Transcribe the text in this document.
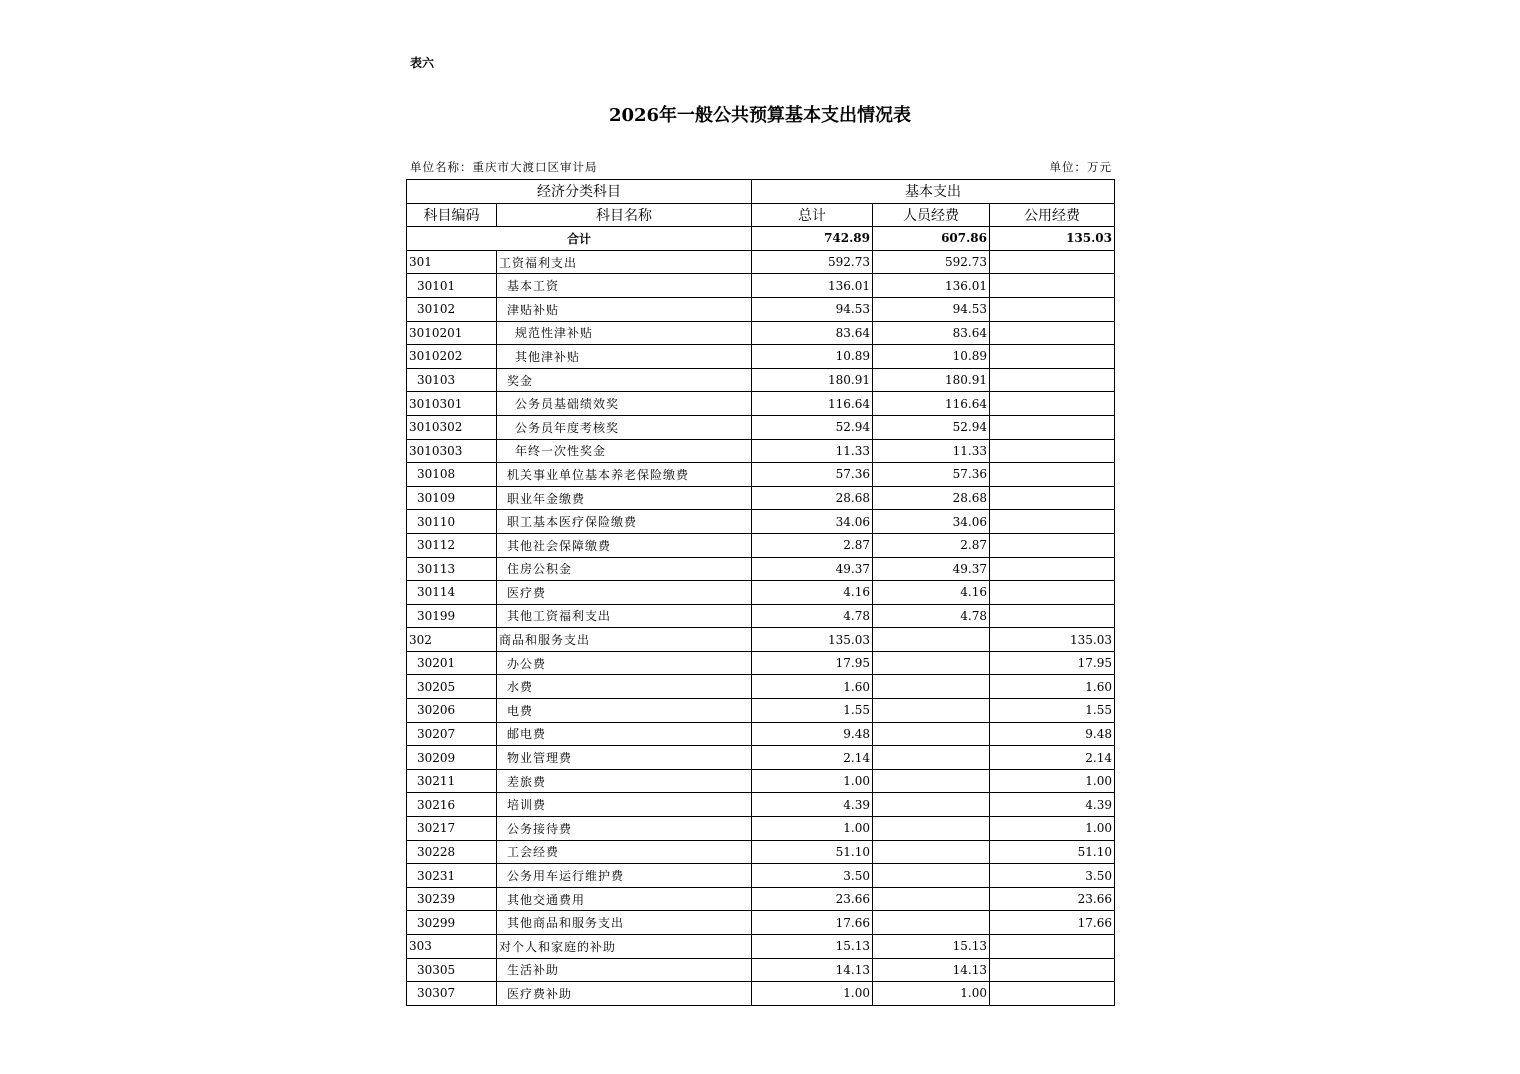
表六
2026年一般公共预算基本支出情况表
单位名称：重庆市大渡口区审计局	单位：万元
经济分类科目		基本支出		
科目编码	科目名称	总计	人员经费	公用经费
合计		742.89	607.86	135.03
301	工资福利支出	592.73	592.73	
30101	基本工资	136.01	136.01	
30102	津贴补贴	94.53	94.53	
3010201	规范性津补贴	83.64	83.64	
3010202	其他津补贴	10.89	10.89	
30103	奖金	180.91	180.91	
3010301	公务员基础绩效奖	116.64	116.64	
3010302	公务员年度考核奖	52.94	52.94	
3010303	年终一次性奖金	11.33	11.33	
30108	机关事业单位基本养老保险缴费	57.36	57.36	
30109	职业年金缴费	28.68	28.68	
30110	职工基本医疗保险缴费	34.06	34.06	
30112	其他社会保障缴费	2.87	2.87	
30113	住房公积金	49.37	49.37	
30114	医疗费	4.16	4.16	
30199	其他工资福利支出	4.78	4.78	
302	商品和服务支出	135.03		135.03
30201	办公费	17.95		17.95
30205	水费	1.60		1.60
30206	电费	1.55		1.55
30207	邮电费	9.48		9.48
30209	物业管理费	2.14		2.14
30211	差旅费	1.00		1.00
30216	培训费	4.39		4.39
30217	公务接待费	1.00		1.00
30228	工会经费	51.10		51.10
30231	公务用车运行维护费	3.50		3.50
30239	其他交通费用	23.66		23.66
30299	其他商品和服务支出	17.66		17.66
303	对个人和家庭的补助	15.13	15.13	
30305	生活补助	14.13	14.13	
30307	医疗费补助	1.00	1.00	
